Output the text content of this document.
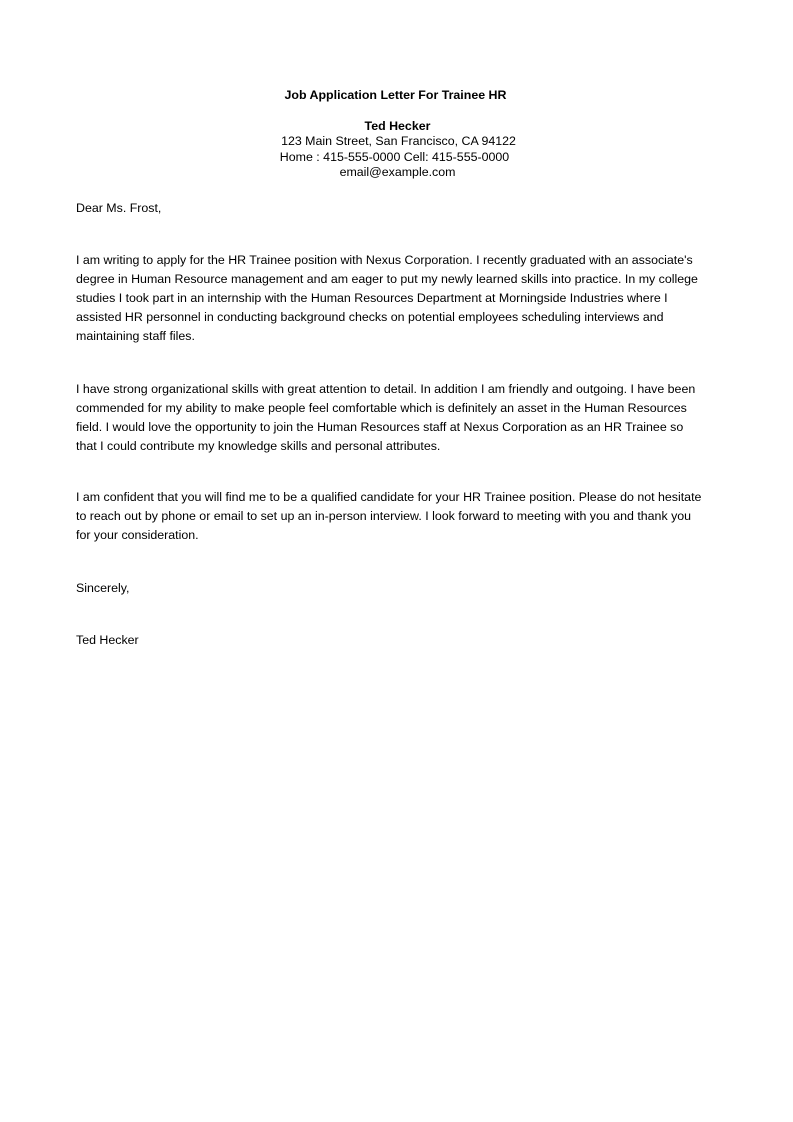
Job Application Letter For Trainee HR
Ted Hecker
123 Main Street, San Francisco, CA 94122
Home : 415-555-0000 Cell: 415-555-0000
email@example.com
Dear Ms. Frost,

I am writing to apply for the HR Trainee position with Nexus Corporation. I recently graduated with an associate's degree in Human Resource management and am eager to put my newly learned skills into practice. In my college studies I took part in an internship with the Human Resources Department at Morningside Industries where I assisted HR personnel in conducting background checks on potential employees scheduling interviews and maintaining staff files.

I have strong organizational skills with great attention to detail. In addition I am friendly and outgoing. I have been commended for my ability to make people feel comfortable which is definitely an asset in the Human Resources field. I would love the opportunity to join the Human Resources staff at Nexus Corporation as an HR Trainee so that I could contribute my knowledge skills and personal attributes.

I am confident that you will find me to be a qualified candidate for your HR Trainee position. Please do not hesitate to reach out by phone or email to set up an in-person interview. I look forward to meeting with you and thank you for your consideration.

Sincerely,
Ted Hecker
